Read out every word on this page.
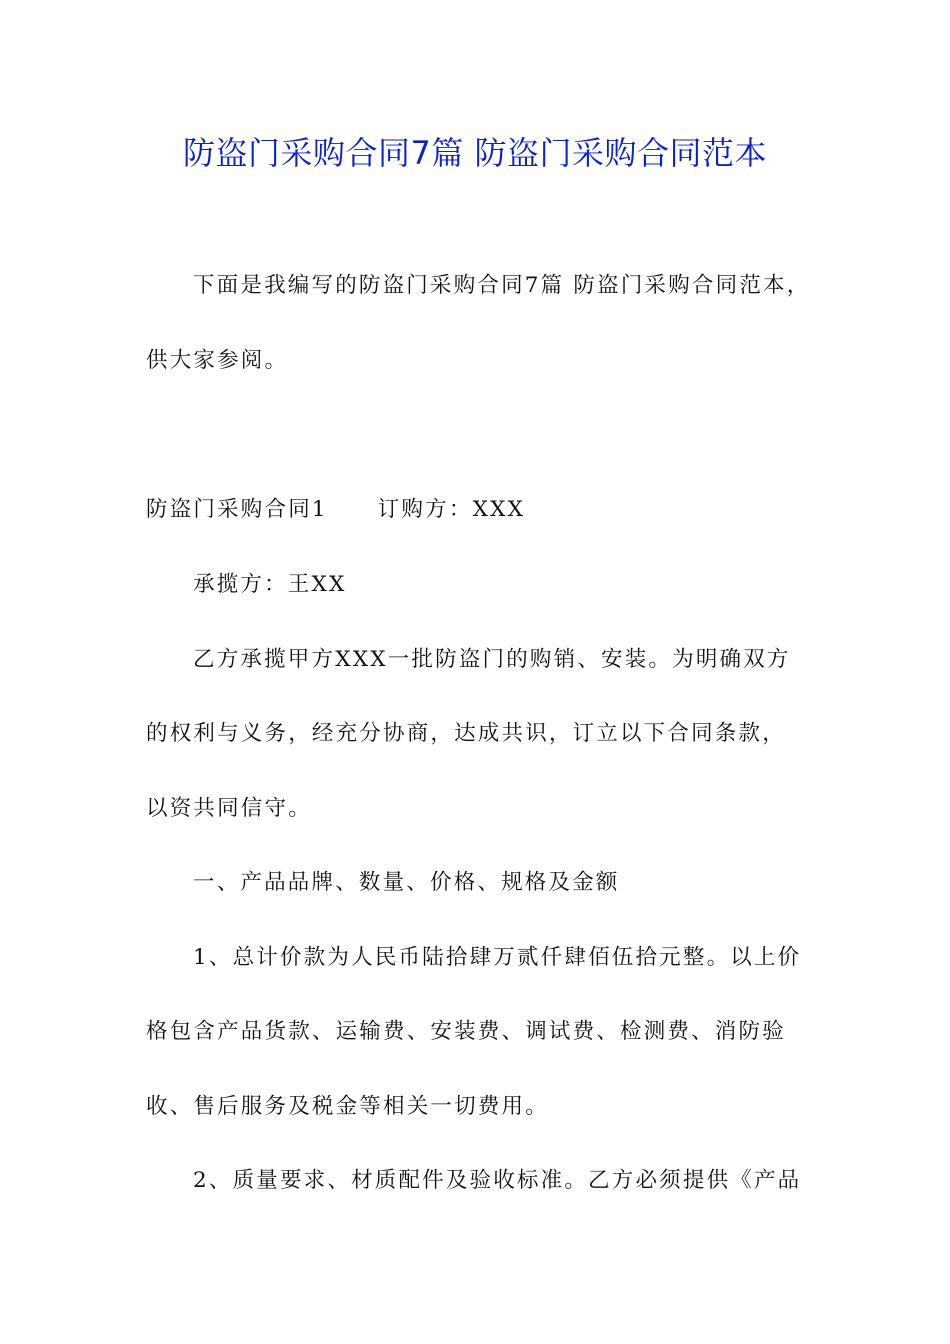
防盗门采购合同7篇 防盗门采购合同范本
下面是我编写的防盗门采购合同7篇 防盗门采购合同范本，
供大家参阅。
防盗门采购合同1 订购方：XXX
承揽方：王XX
乙方承揽甲方XXX一批防盗门的购销、安装。为明确双方
的权利与义务，经充分协商，达成共识，订立以下合同条款，
以资共同信守。
一、产品品牌、数量、价格、规格及金额
1、总计价款为人民币陆拾肆万贰仟肆佰伍拾元整。以上价
格包含产品货款、运输费、安装费、调试费、检测费、消防验
收、售后服务及税金等相关一切费用。
2、质量要求、材质配件及验收标准。乙方必须提供《产品
